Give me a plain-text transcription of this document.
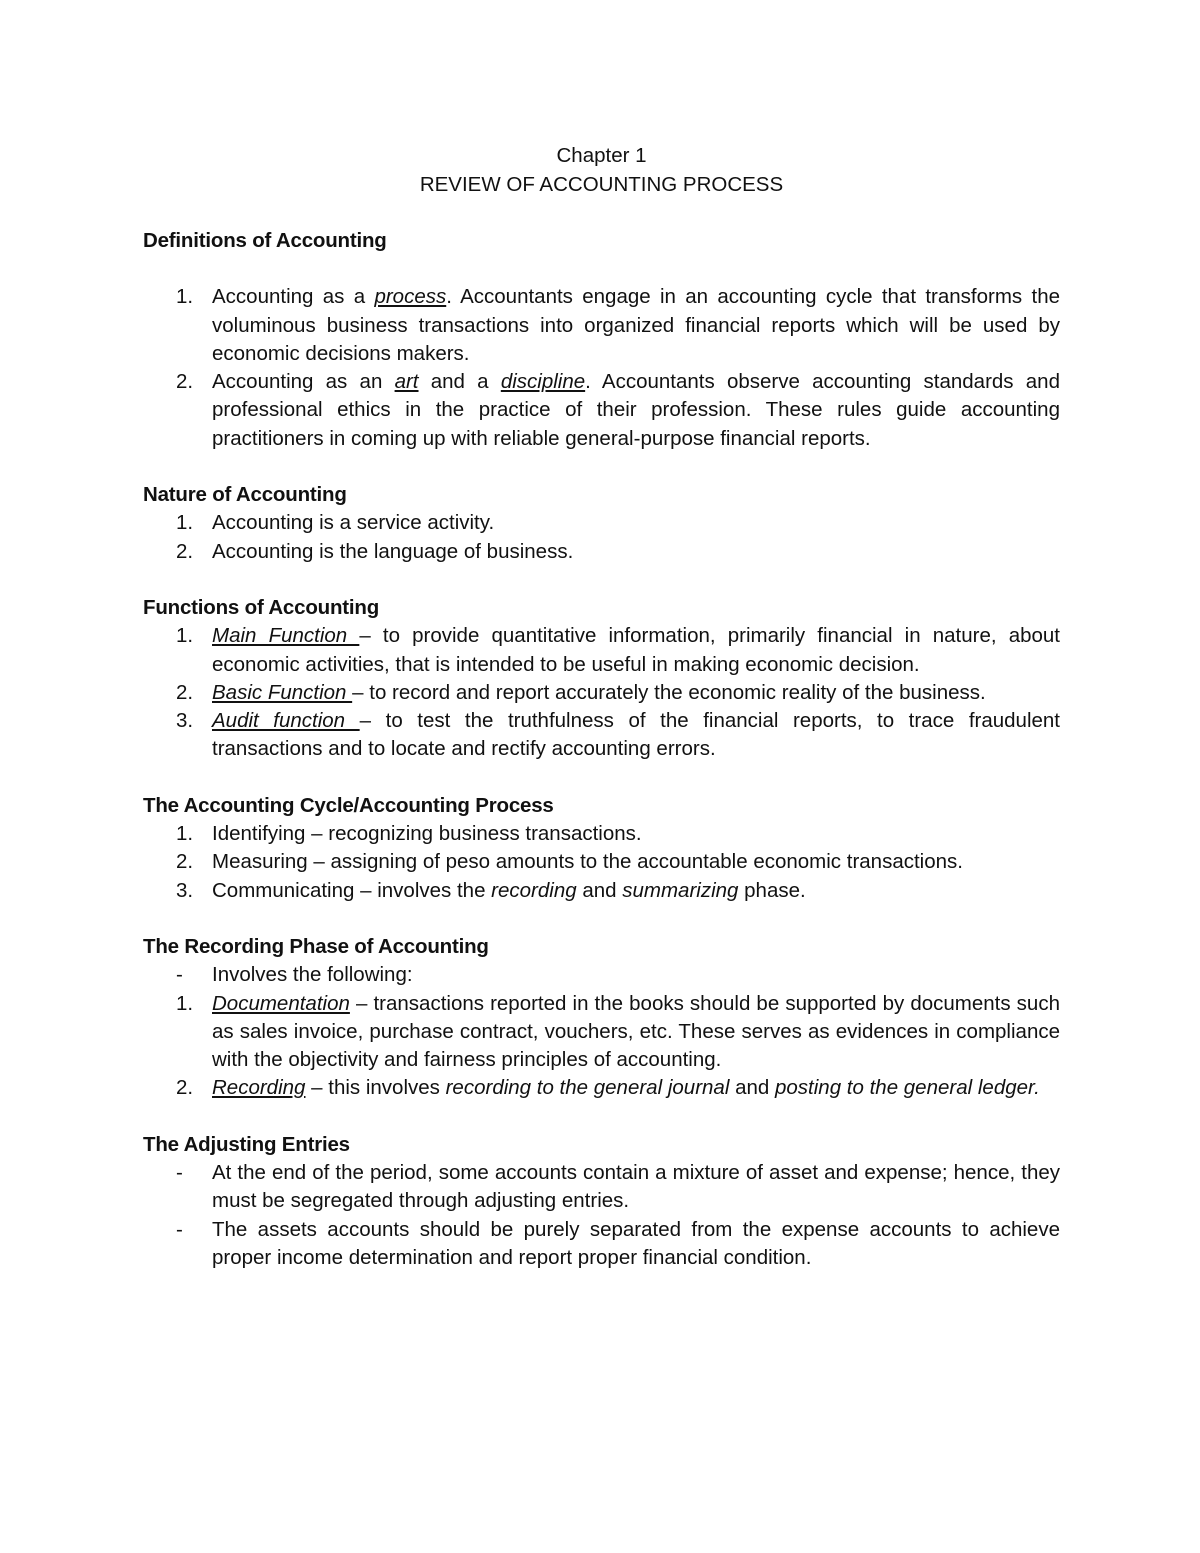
Chapter 1
REVIEW OF ACCOUNTING PROCESS
Definitions of Accounting
1. Accounting as a process. Accountants engage in an accounting cycle that transforms the voluminous business transactions into organized financial reports which will be used by economic decisions makers.
2. Accounting as an art and a discipline. Accountants observe accounting standards and professional ethics in the practice of their profession. These rules guide accounting practitioners in coming up with reliable general-purpose financial reports.
Nature of Accounting
1. Accounting is a service activity.
2. Accounting is the language of business.
Functions of Accounting
1. Main Function – to provide quantitative information, primarily financial in nature, about economic activities, that is intended to be useful in making economic decision.
2. Basic Function – to record and report accurately the economic reality of the business.
3. Audit function – to test the truthfulness of the financial reports, to trace fraudulent transactions and to locate and rectify accounting errors.
The Accounting Cycle/Accounting Process
1. Identifying – recognizing business transactions.
2. Measuring – assigning of peso amounts to the accountable economic transactions.
3. Communicating – involves the recording and summarizing phase.
The Recording Phase of Accounting
-	Involves the following:
1. Documentation – transactions reported in the books should be supported by documents such as sales invoice, purchase contract, vouchers, etc. These serves as evidences in compliance with the objectivity and fairness principles of accounting.
2. Recording – this involves recording to the general journal and posting to the general ledger.
The Adjusting Entries
-	At the end of the period, some accounts contain a mixture of asset and expense; hence, they must be segregated through adjusting entries.
-	The assets accounts should be purely separated from the expense accounts to achieve proper income determination and report proper financial condition.
